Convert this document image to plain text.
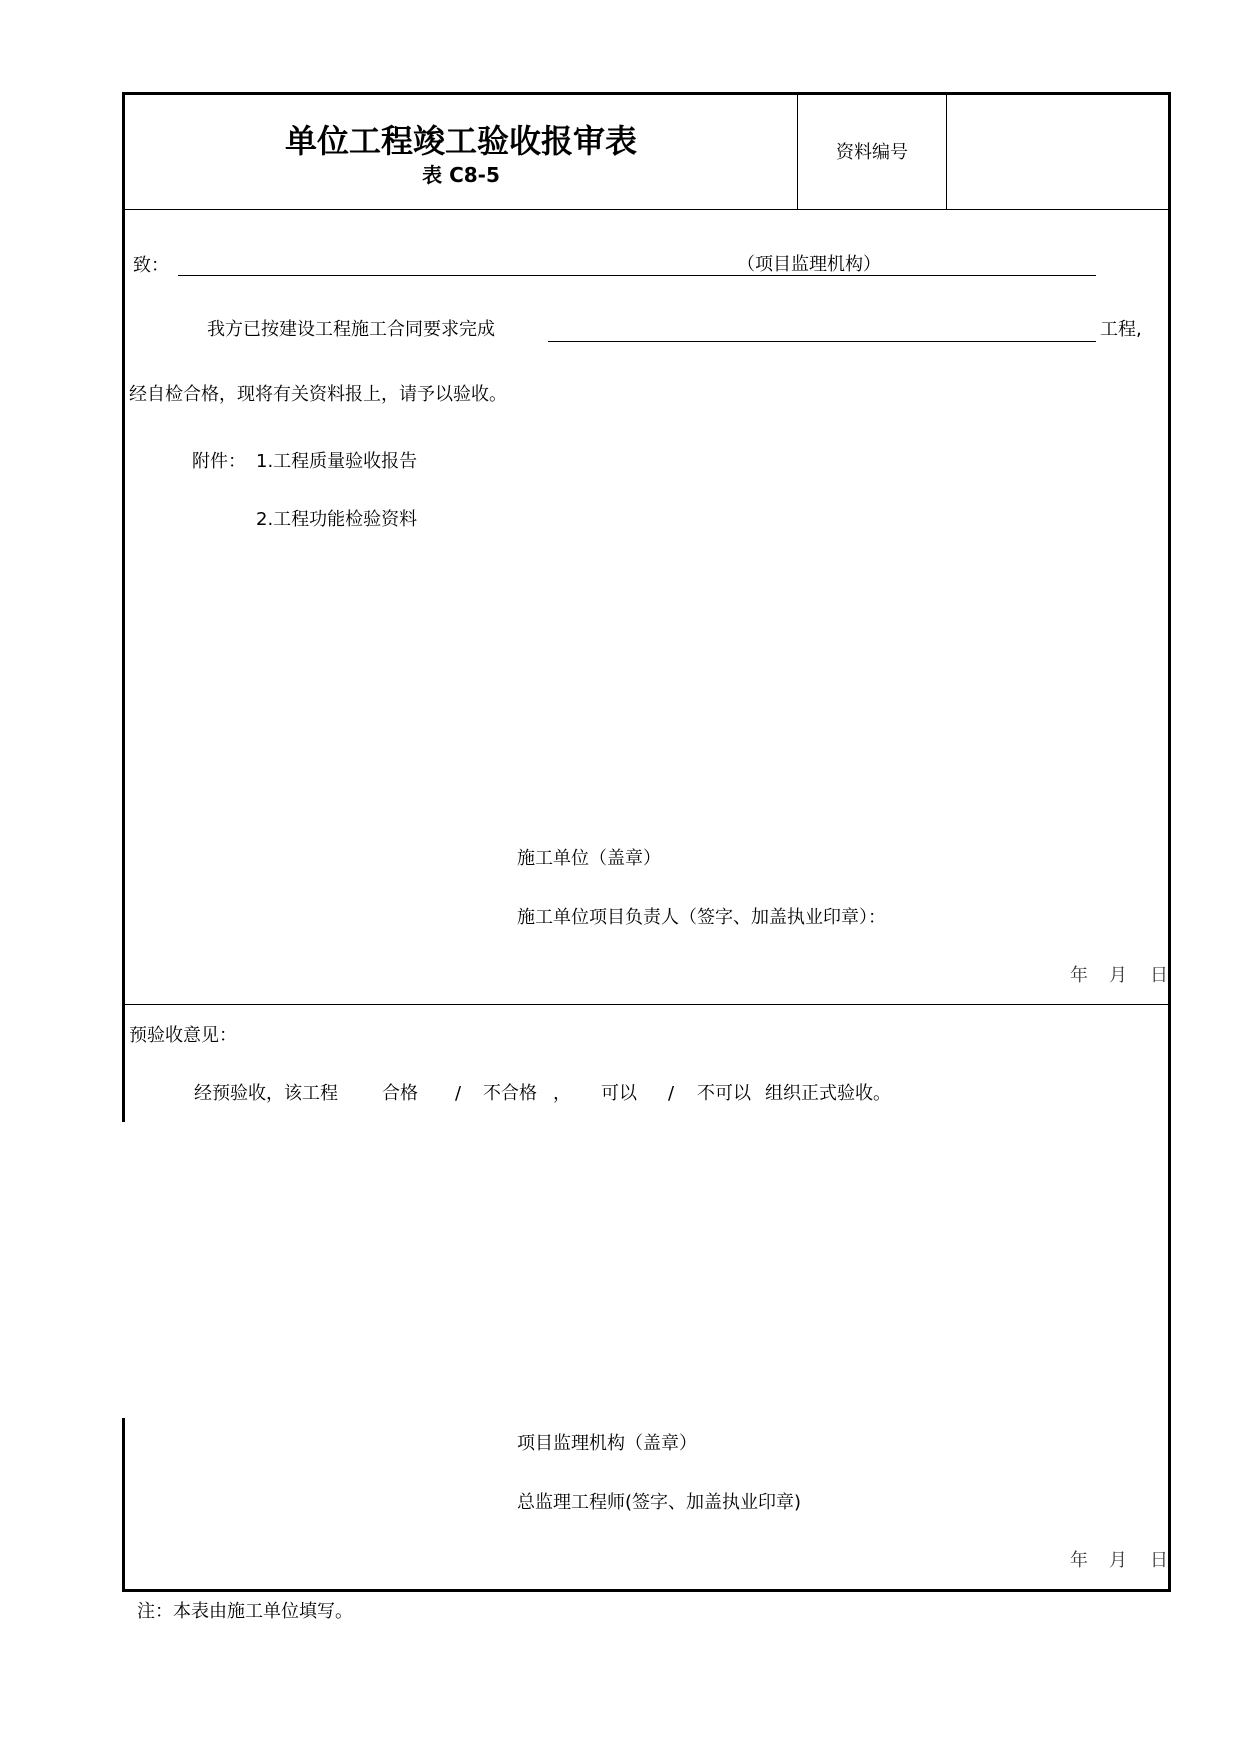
单位工程竣工验收报审表
表 C8-5
资料编号
致：	（项目监理机构）
我方已按建设工程施工合同要求完成	工程,
经自检合格，现将有关资料报上，请予以验收。
附件： 1.工程质量验收报告
2.工程功能检验资料
施工单位（盖章）
施工单位项目负责人（签字、加盖执业印章）：
年 月 日
预验收意见：
经预验收，该工程 合格 / 不合格 ， 可以 / 不可以 组织正式验收。
项目监理机构（盖章）
总监理工程师(签字、加盖执业印章)
年 月 日
注：本表由施工单位填写。
